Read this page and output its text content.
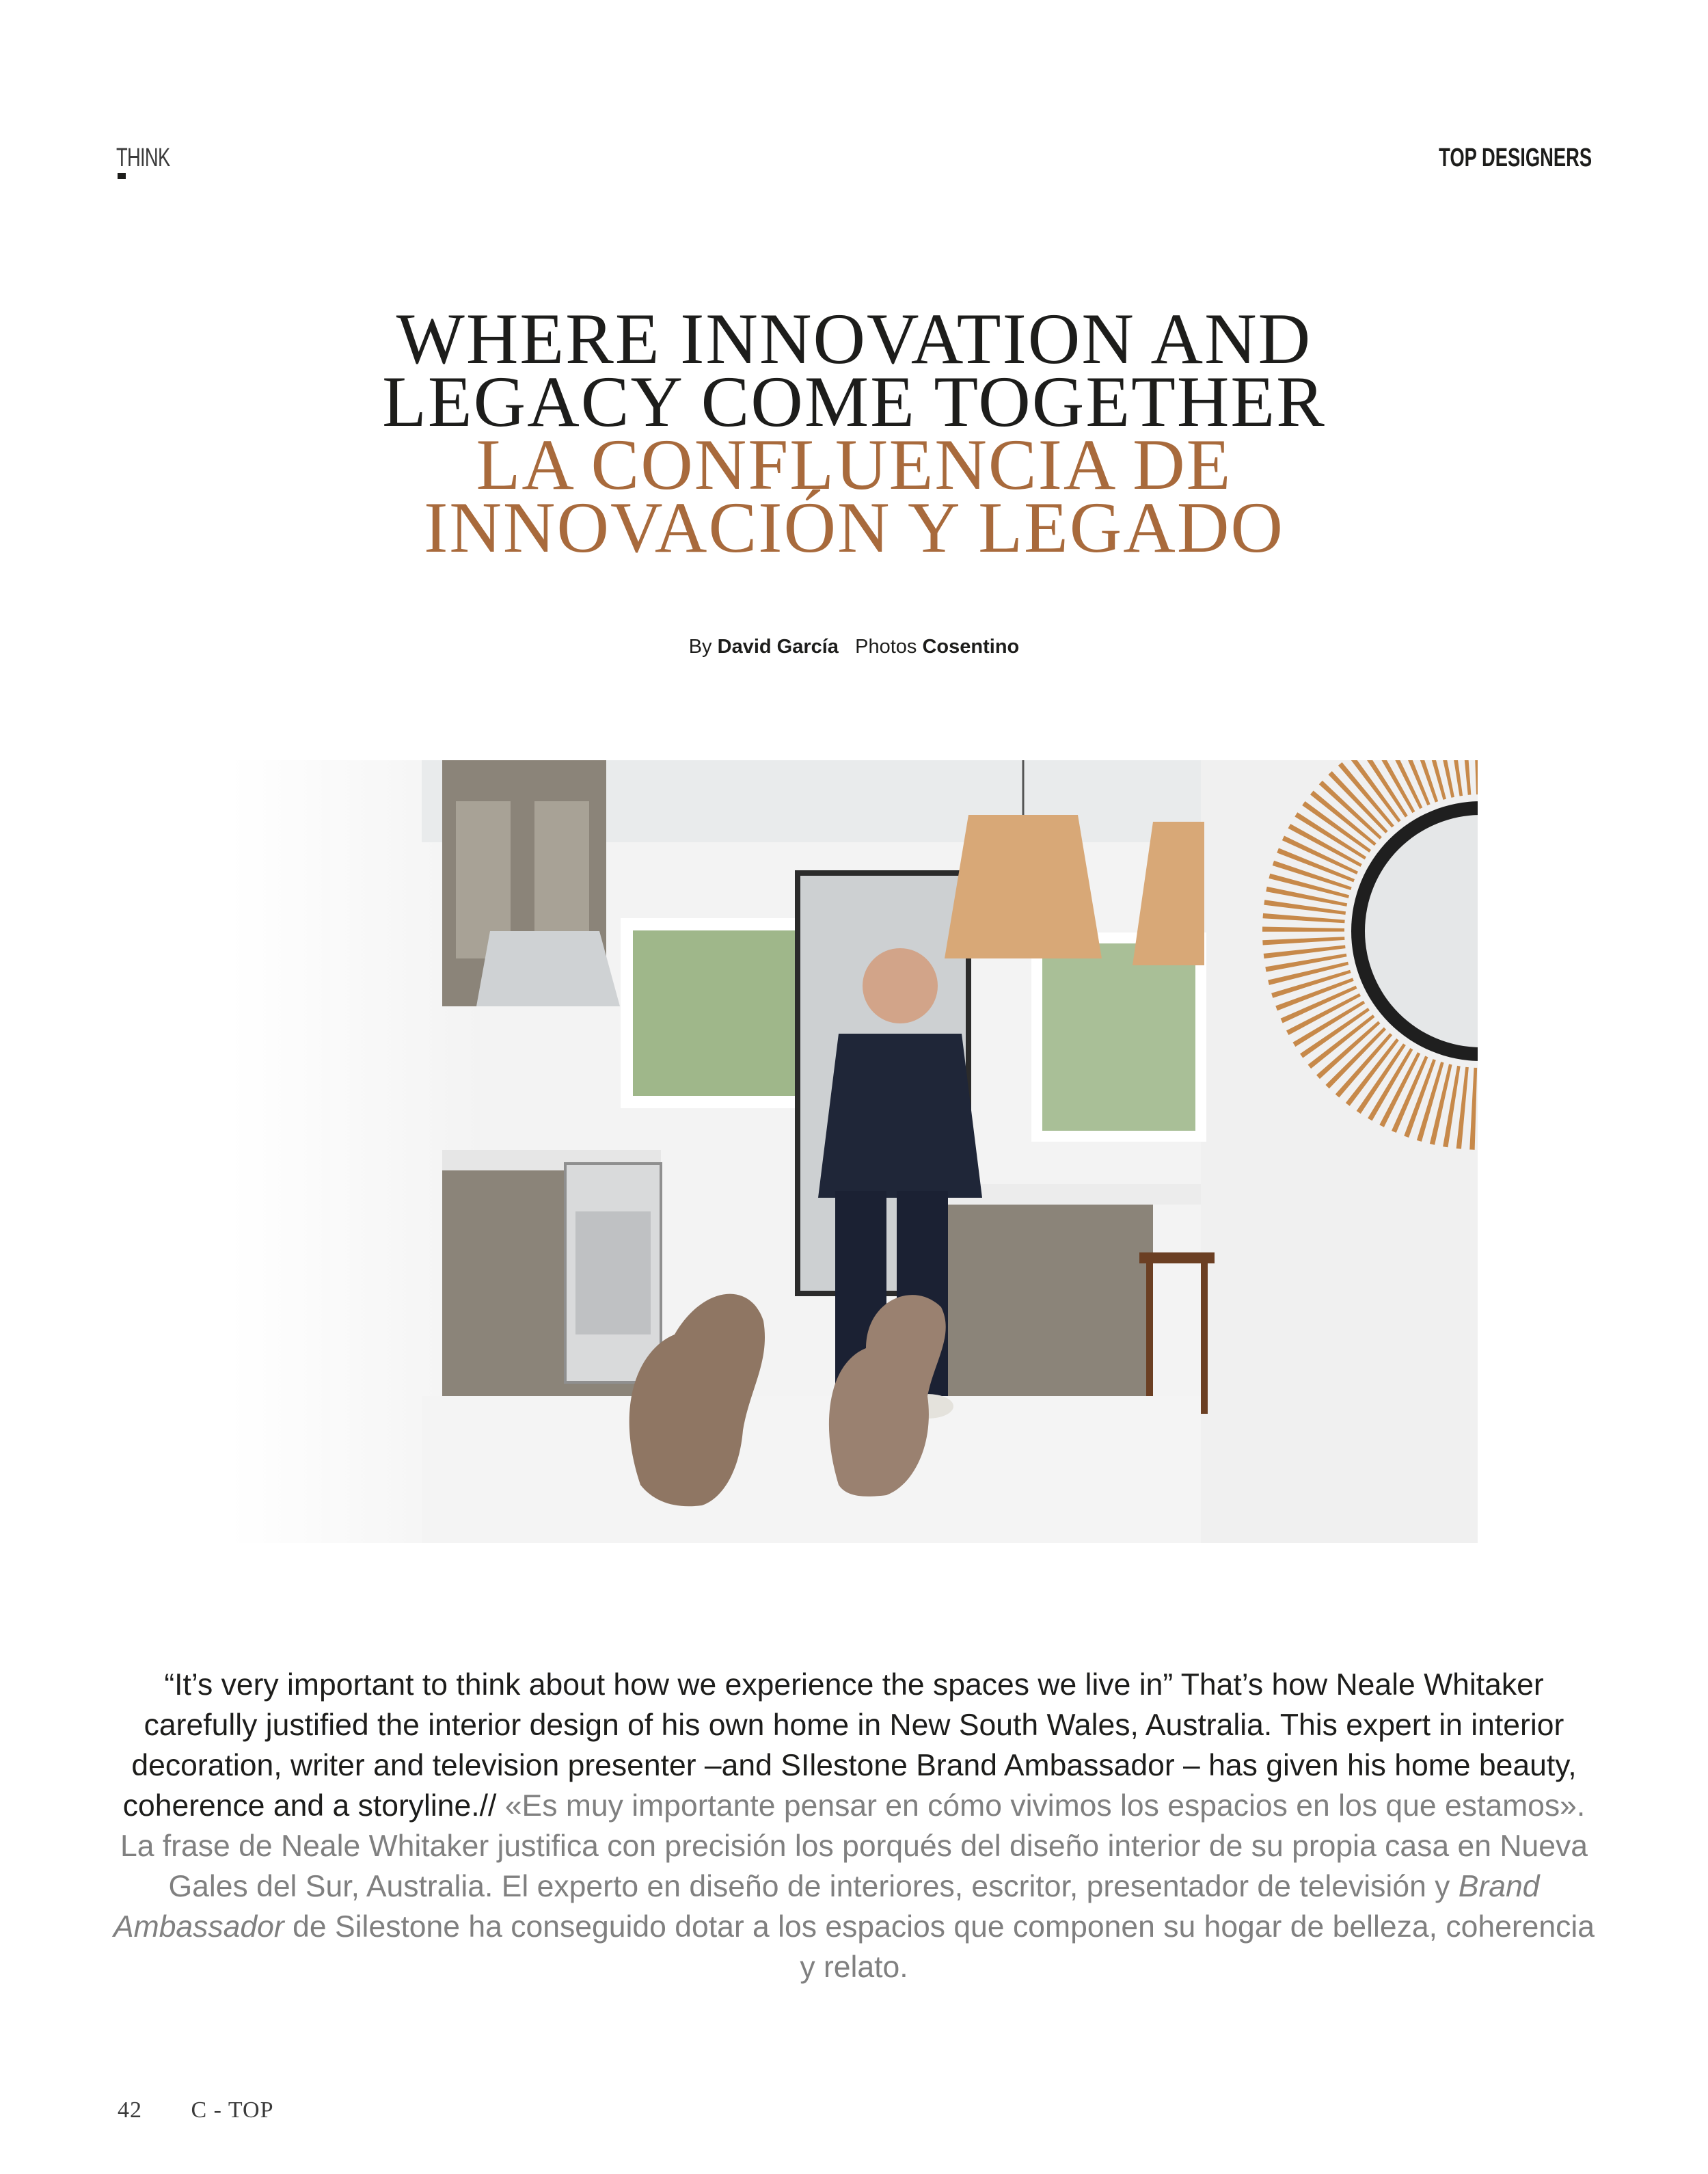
THINK	TOP DESIGNERS
WHERE INNOVATION AND
LEGACY COME TOGETHER
LA CONFLUENCIA DE
INNOVACIÓN Y LEGADO
By David García Photos Cosentino
“It’s very important to think about how we experience the spaces we live in” That’s how Neale Whitaker carefully justified the interior design of his own home in New South Wales, Australia. This expert in interior decoration, writer and television presenter –and SIlestone Brand Ambassador – has given his home beauty, coherence and a storyline.// «Es muy importante pensar en cómo vivimos los espacios en los que estamos». La frase de Neale Whitaker justifica con precisión los porqués del diseño interior de su propia casa en Nueva Gales del Sur, Australia. El experto en diseño de interiores, escritor, presentador de televisión y Brand Ambassador de Silestone ha conseguido dotar a los espacios que componen su hogar de belleza, coherencia y relato.
42 C - TOP
